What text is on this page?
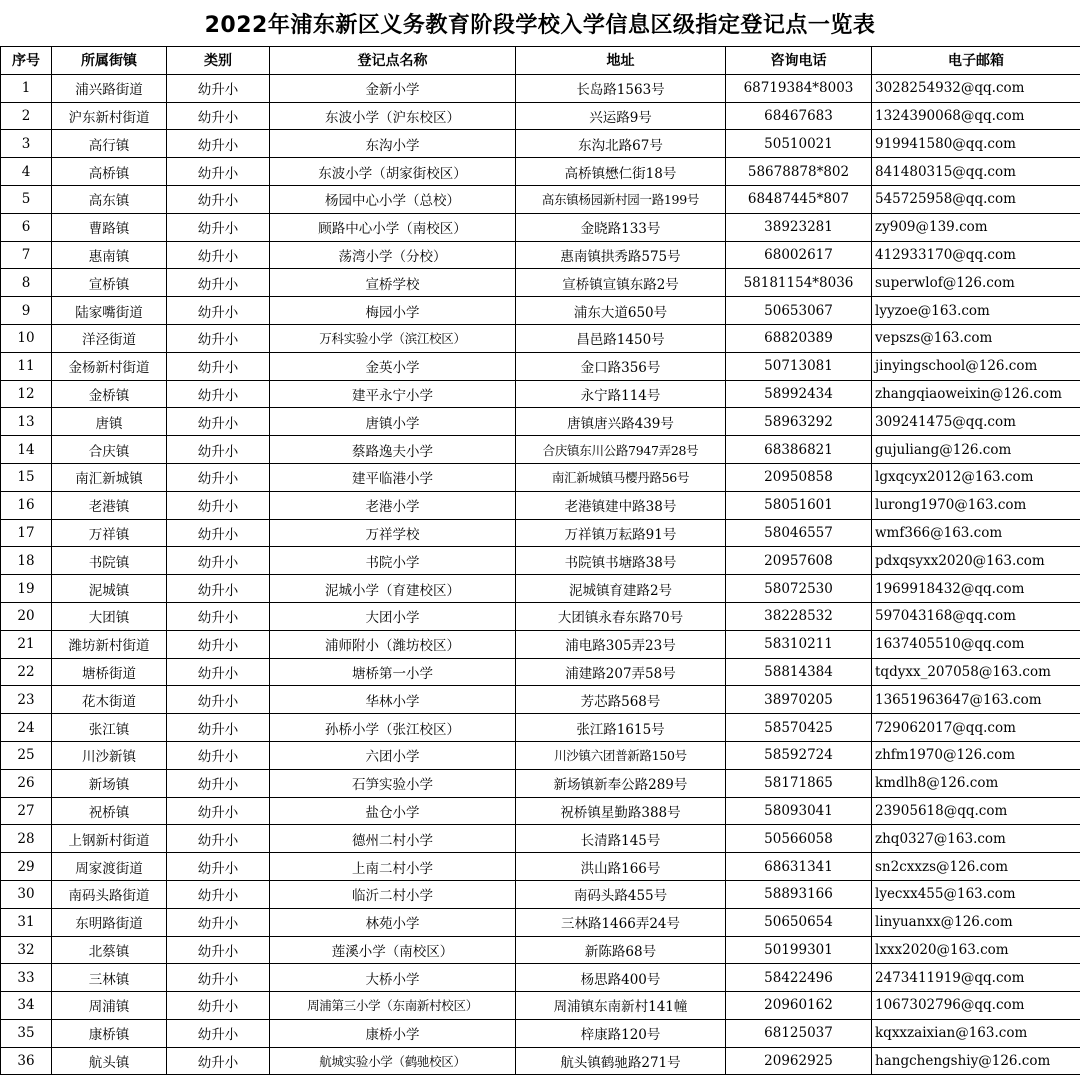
2022年浦东新区义务教育阶段学校入学信息区级指定登记点一览表
序号	所属街镇	类别	登记点名称	地址	咨询电话	电子邮箱
1	浦兴路街道	幼升小	金新小学	长岛路1563号	68719384*8003	3028254932@qq.com
2	沪东新村街道	幼升小	东波小学（沪东校区）	兴运路9号	68467683	1324390068@qq.com
3	高行镇	幼升小	东沟小学	东沟北路67号	50510021	919941580@qq.com
4	高桥镇	幼升小	东波小学（胡家街校区）	高桥镇懋仁街18号	58678878*802	841480315@qq.com
5	高东镇	幼升小	杨园中心小学（总校）	高东镇杨园新村园一路199号	68487445*807	545725958@qq.com
6	曹路镇	幼升小	顾路中心小学（南校区）	金晓路133号	38923281	zy909@139.com
7	惠南镇	幼升小	荡湾小学（分校）	惠南镇拱秀路575号	68002617	412933170@qq.com
8	宣桥镇	幼升小	宣桥学校	宣桥镇宣镇东路2号	58181154*8036	superwlof@126.com
9	陆家嘴街道	幼升小	梅园小学	浦东大道650号	50653067	lyyzoe@163.com
10	洋泾街道	幼升小	万科实验小学（滨江校区）	昌邑路1450号	68820389	vepszs@163.com
11	金杨新村街道	幼升小	金英小学	金口路356号	50713081	jinyingschool@126.com
12	金桥镇	幼升小	建平永宁小学	永宁路114号	58992434	zhangqiaoweixin@126.com
13	唐镇	幼升小	唐镇小学	唐镇唐兴路439号	58963292	309241475@qq.com
14	合庆镇	幼升小	蔡路逸夫小学	合庆镇东川公路7947弄28号	68386821	gujuliang@126.com
15	南汇新城镇	幼升小	建平临港小学	南汇新城镇马樱丹路56号	20950858	lgxqcyx2012@163.com
16	老港镇	幼升小	老港小学	老港镇建中路38号	58051601	lurong1970@163.com
17	万祥镇	幼升小	万祥学校	万祥镇万耘路91号	58046557	wmf366@163.com
18	书院镇	幼升小	书院小学	书院镇书塘路38号	20957608	pdxqsyxx2020@163.com
19	泥城镇	幼升小	泥城小学（育建校区）	泥城镇育建路2号	58072530	1969918432@qq.com
20	大团镇	幼升小	大团小学	大团镇永春东路70号	38228532	597043168@qq.com
21	潍坊新村街道	幼升小	浦师附小（潍坊校区）	浦电路305弄23号	58310211	1637405510@qq.com
22	塘桥街道	幼升小	塘桥第一小学	浦建路207弄58号	58814384	tqdyxx_207058@163.com
23	花木街道	幼升小	华林小学	芳芯路568号	38970205	13651963647@163.com
24	张江镇	幼升小	孙桥小学（张江校区）	张江路1615号	58570425	729062017@qq.com
25	川沙新镇	幼升小	六团小学	川沙镇六团普新路150号	58592724	zhfm1970@126.com
26	新场镇	幼升小	石笋实验小学	新场镇新奉公路289号	58171865	kmdlh8@126.com
27	祝桥镇	幼升小	盐仓小学	祝桥镇星勤路388号	58093041	23905618@qq.com
28	上钢新村街道	幼升小	德州二村小学	长清路145号	50566058	zhq0327@163.com
29	周家渡街道	幼升小	上南二村小学	洪山路166号	68631341	sn2cxxzs@126.com
30	南码头路街道	幼升小	临沂二村小学	南码头路455号	58893166	lyecxx455@163.com
31	东明路街道	幼升小	林苑小学	三林路1466弄24号	50650654	linyuanxx@126.com
32	北蔡镇	幼升小	莲溪小学（南校区）	新陈路68号	50199301	lxxx2020@163.com
33	三林镇	幼升小	大桥小学	杨思路400号	58422496	2473411919@qq.com
34	周浦镇	幼升小	周浦第三小学（东南新村校区）	周浦镇东南新村141幢	20960162	1067302796@qq.com
35	康桥镇	幼升小	康桥小学	梓康路120号	68125037	kqxxzaixian@163.com
36	航头镇	幼升小	航城实验小学（鹤驰校区）	航头镇鹤驰路271号	20962925	hangchengshiy@126.com
